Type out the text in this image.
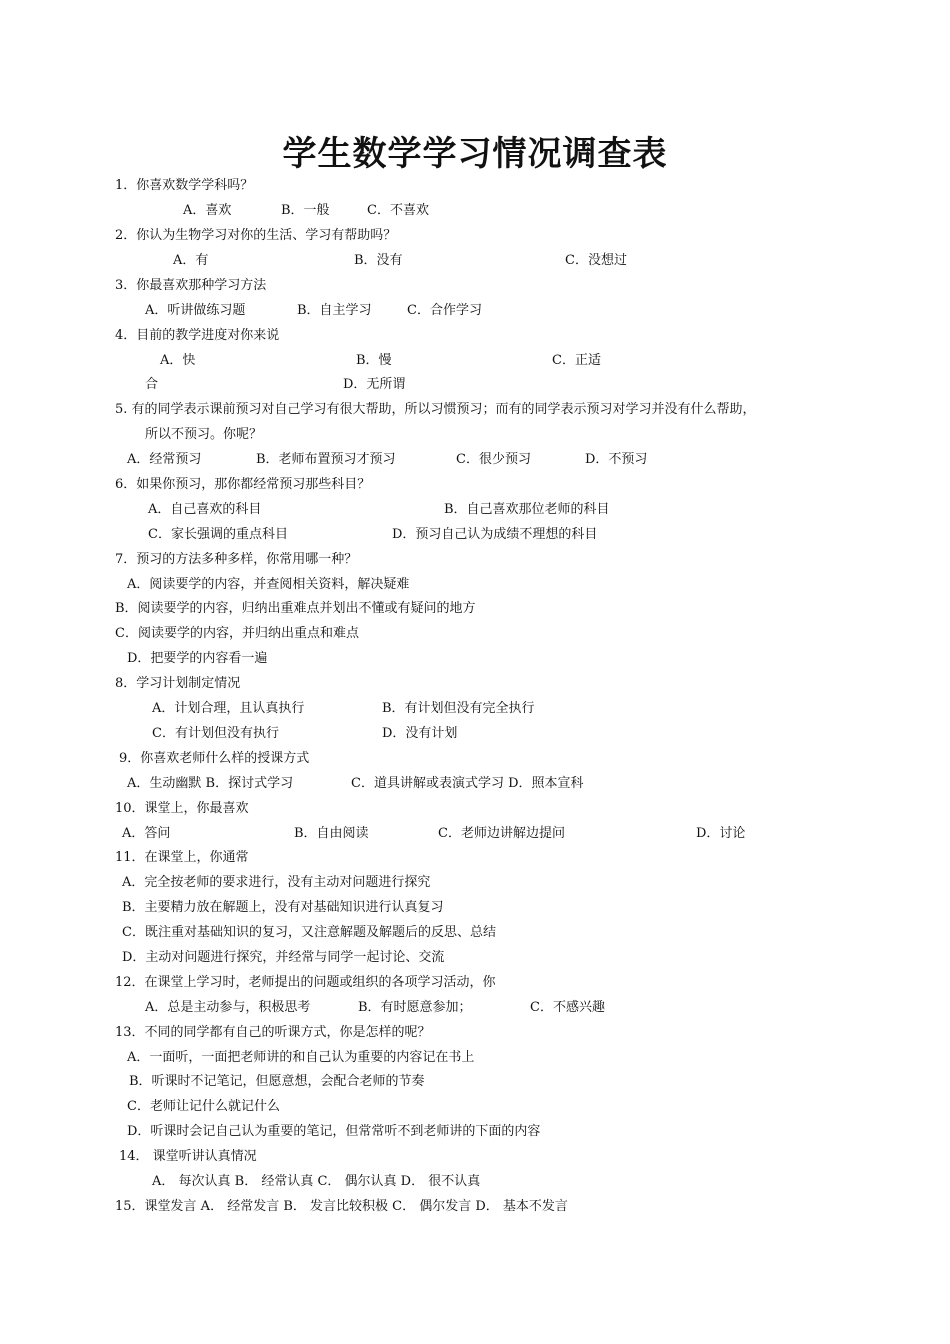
学生数学学习情况调查表
1．你喜欢数学学科吗？
A．喜欢	B．一般	C．不喜欢
2．你认为生物学习对你的生活、学习有帮助吗？
A．有	B．没有	C．没想过
3．你最喜欢那种学习方法
A．听讲做练习题	B．自主学习	C．合作学习
4．目前的教学进度对你来说
A．快	B．慢	C．正适
合	D．无所谓
5. 有的同学表示课前预习对自己学习有很大帮助，所以习惯预习；而有的同学表示预习对学习并没有什么帮助，
所以不预习。你呢？
A．经常预习	B．老师布置预习才预习	C．很少预习	D．不预习
6．如果你预习，那你都经常预习那些科目？
A．自己喜欢的科目	B．自己喜欢那位老师的科目
C．家长强调的重点科目	D．预习自己认为成绩不理想的科目
7．预习的方法多种多样，你常用哪一种？
A．阅读要学的内容，并查阅相关资料，解决疑难
B．阅读要学的内容，归纳出重难点并划出不懂或有疑问的地方
C．阅读要学的内容，并归纳出重点和难点
D．把要学的内容看一遍
8．学习计划制定情况
A．计划合理，且认真执行	B．有计划但没有完全执行
C．有计划但没有执行	D．没有计划
9．你喜欢老师什么样的授课方式
A．生动幽默 B．探讨式学习	C．道具讲解或表演式学习 D．照本宣科
10．课堂上，你最喜欢
A．答问	B．自由阅读	C．老师边讲解边提问	D．讨论
11．在课堂上，你通常
A．完全按老师的要求进行，没有主动对问题进行探究
B．主要精力放在解题上，没有对基础知识进行认真复习
C．既注重对基础知识的复习，又注意解题及解题后的反思、总结
D．主动对问题进行探究，并经常与同学一起讨论、交流
12．在课堂上学习时，老师提出的问题或组织的各项学习活动，你
A．总是主动参与，积极思考	B．有时愿意参加；	C．不感兴趣
13．不同的同学都有自己的听课方式，你是怎样的呢？
A．一面听，一面把老师讲的和自己认为重要的内容记在书上
B．听课时不记笔记，但愿意想，会配合老师的节奏
C．老师让记什么就记什么
D．听课时会记自己认为重要的笔记，但常常听不到老师讲的下面的内容
14． 课堂听讲认真情况
A． 每次认真 B． 经常认真 C． 偶尔认真 D． 很不认真
15．课堂发言 A． 经常发言 B． 发言比较积极 C． 偶尔发言 D． 基本不发言
